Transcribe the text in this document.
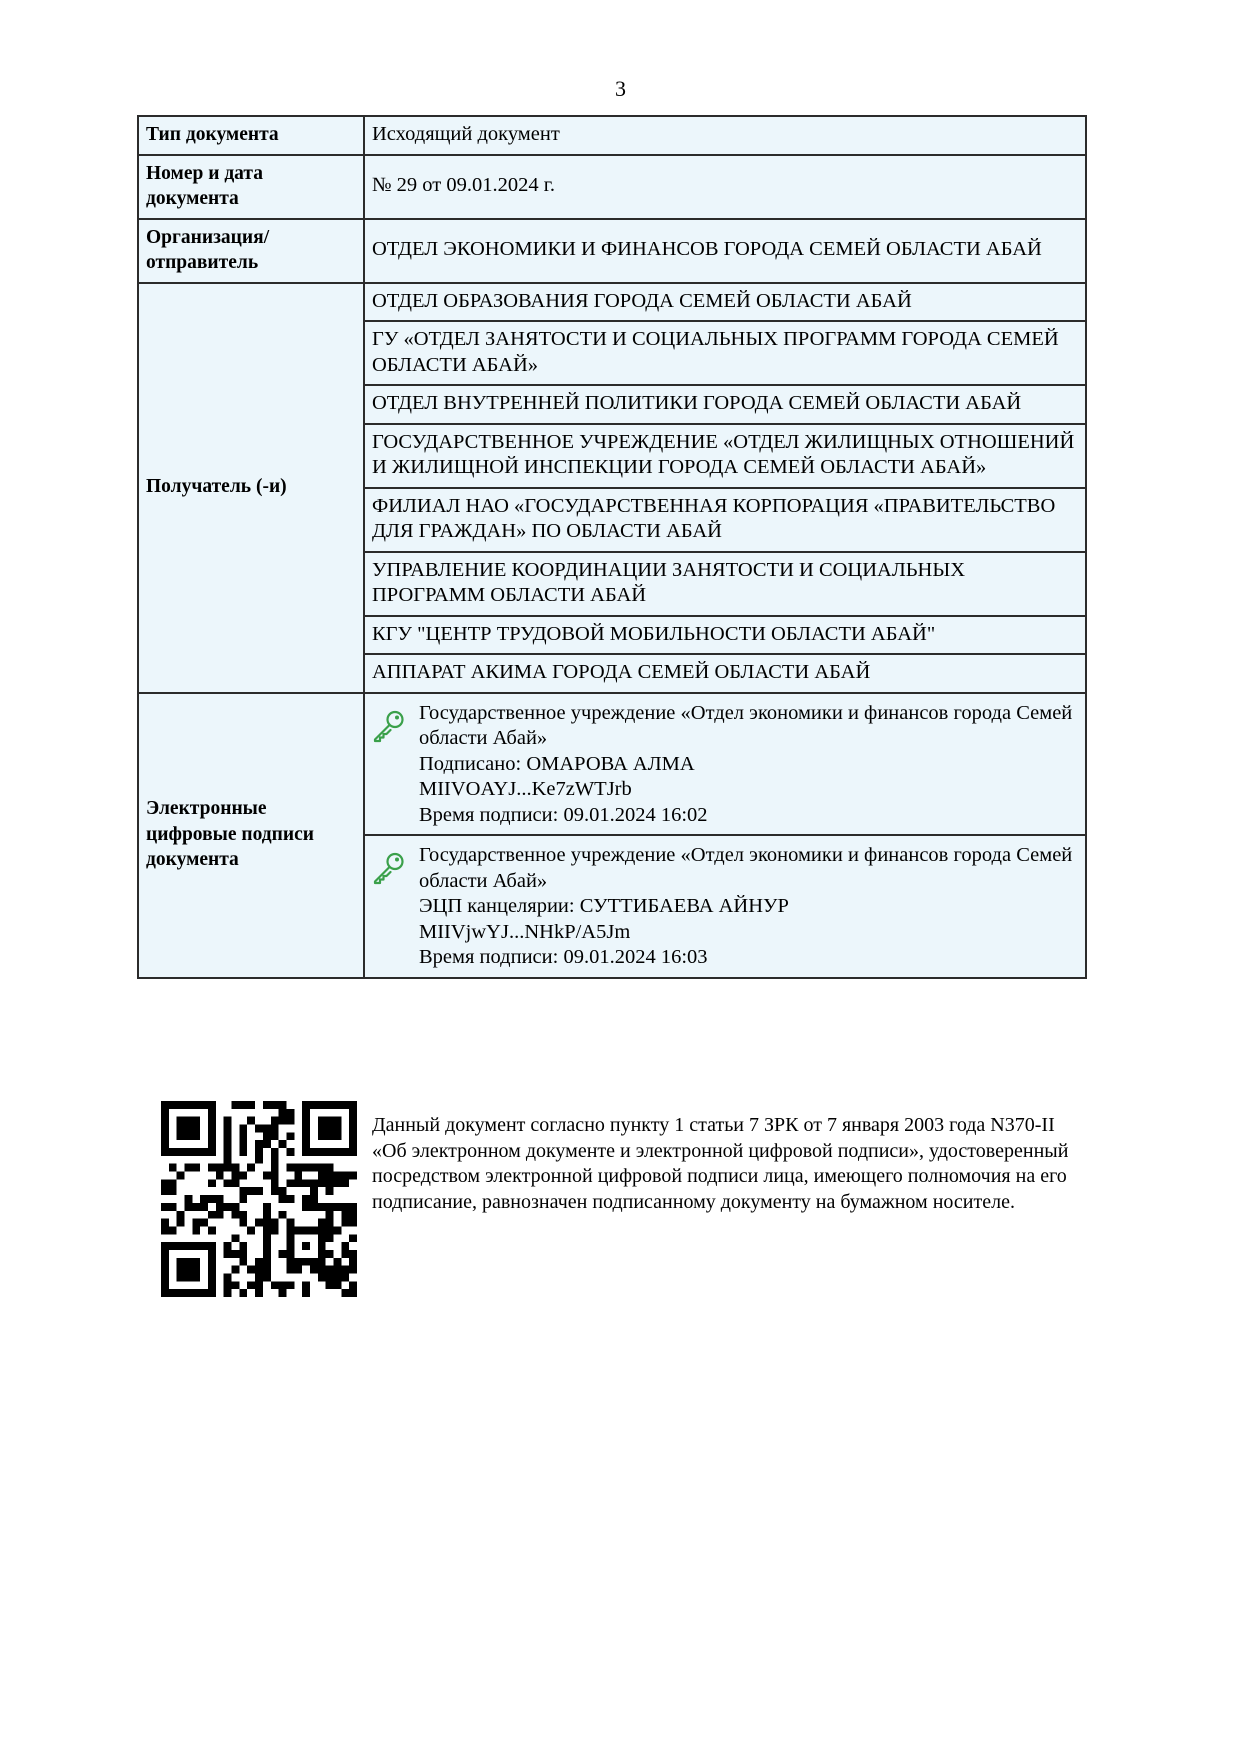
3
Тип документа	Исходящий документ
Номер и дата документа	№ 29 от 09.01.2024 г.
Организация/ отправитель	ОТДЕЛ ЭКОНОМИКИ И ФИНАНСОВ ГОРОДА СЕМЕЙ ОБЛАСТИ АБАЙ
Получатель (-и)	ОТДЕЛ ОБРАЗОВАНИЯ ГОРОДА СЕМЕЙ ОБЛАСТИ АБАЙ
	ГУ «ОТДЕЛ ЗАНЯТОСТИ И СОЦИАЛЬНЫХ ПРОГРАММ ГОРОДА СЕМЕЙ ОБЛАСТИ АБАЙ»
	ОТДЕЛ ВНУТРЕННЕЙ ПОЛИТИКИ ГОРОДА СЕМЕЙ ОБЛАСТИ АБАЙ
	ГОСУДАРСТВЕННОЕ УЧРЕЖДЕНИЕ «ОТДЕЛ ЖИЛИЩНЫХ ОТНОШЕНИЙ И ЖИЛИЩНОЙ ИНСПЕКЦИИ ГОРОДА СЕМЕЙ ОБЛАСТИ АБАЙ»
	ФИЛИАЛ НАО «ГОСУДАРСТВЕННАЯ КОРПОРАЦИЯ «ПРАВИТЕЛЬСТВО ДЛЯ ГРАЖДАН» ПО ОБЛАСТИ АБАЙ
	УПРАВЛЕНИЕ КООРДИНАЦИИ ЗАНЯТОСТИ И СОЦИАЛЬНЫХ ПРОГРАММ ОБЛАСТИ АБАЙ
	КГУ "ЦЕНТР ТРУДОВОЙ МОБИЛЬНОСТИ ОБЛАСТИ АБАЙ"
	АППАРАТ АКИМА ГОРОДА СЕМЕЙ ОБЛАСТИ АБАЙ
Электронные цифровые подписи документа	Государственное учреждение «Отдел экономики и финансов города Семей области Абай»
Подписано: ОМАРОВА АЛМА
MIIVOAYJ...Ke7zWTJrb
Время подписи: 09.01.2024 16:02

	Государственное учреждение «Отдел экономики и финансов города Семей области Абай»
ЭЦП канцелярии: СУТТИБАЕВА АЙНУР
MIIVjwYJ...NHkP/A5Jm
Время подписи: 09.01.2024 16:03
Данный документ согласно пункту 1 статьи 7 ЗРК от 7 января 2003 года N370-II «Об электронном документе и электронной цифровой подписи», удостоверенный посредством электронной цифровой подписи лица, имеющего полномочия на его подписание, равнозначен подписанному документу на бумажном носителе.
